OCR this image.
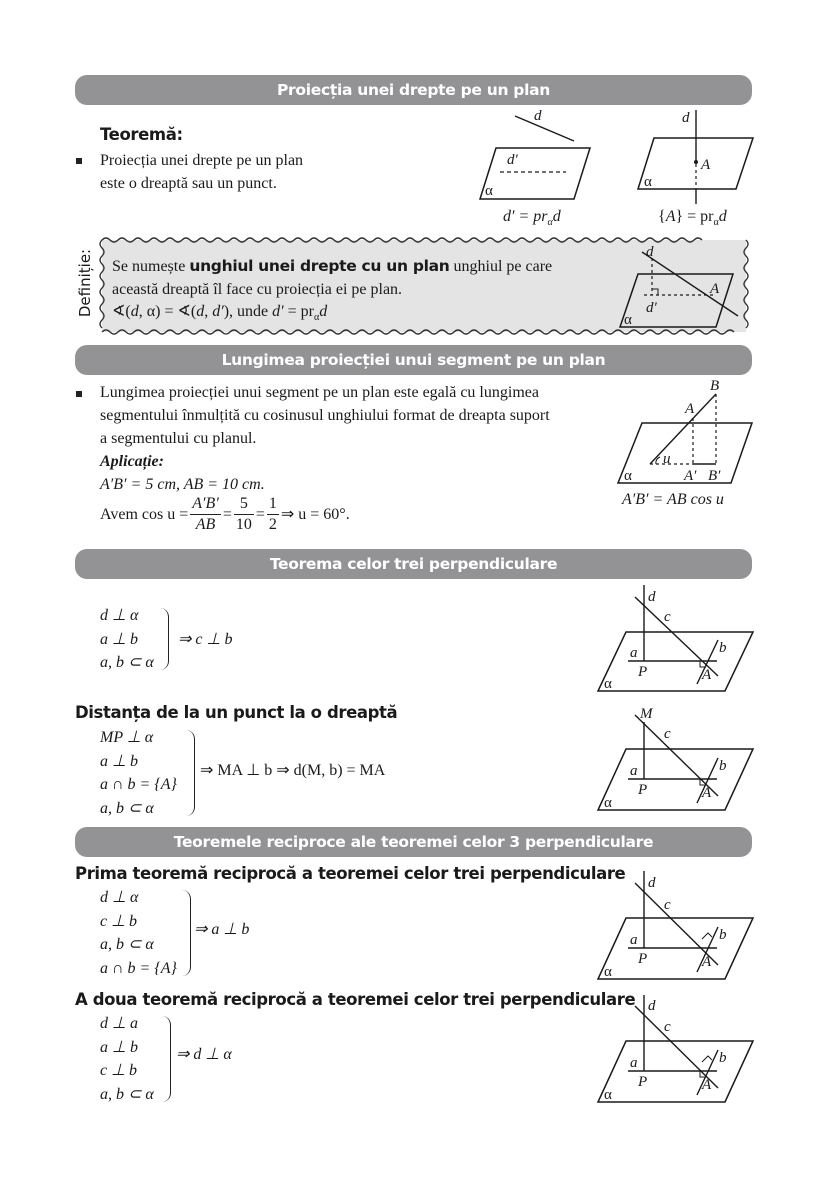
Proiecția unei drepte pe un plan
Teoremă:
Proiecția unei drepte pe un plan
este o dreaptă sau un punct.
d
d′
α
$d' = pr_\alpha d$
d
A
α
$\{A\} = pr_\alpha d$
Definiție:	d
A
d′
α
Se numește unghiul unei drepte cu un plan unghiul pe care
această dreaptă îl face cu proiecția ei pe plan.
∢(d, α) = ∢(d, d′), unde $d' = pr_\alpha d$
Lungimea proiecției unui segment pe un plan
Lungimea proiecției unui segment pe un plan este egală cu lungimea
segmentului înmulțită cu cosinusul unghiului format de dreapta suport
a segmentului cu planul.
Aplicație:
A′B′ = 5 cm, AB = 10 cm.
Avem $\cos u = \frac{A'B'}{AB} = \frac{5}{10} = \frac{1}{2}$ ⇒ u = 60°.
B
A
u
A′ B′
α
A′B′ = AB cos u
Teorema celor trei perpendiculare
d ⊥ α
a ⊥ b
a, b ⊂ α
⇒ c ⊥ b
d
c
b
a
P	A
α
Distanța de la un punct la o dreaptă
MP ⊥ α
a ⊥ b
a ∩ b = {A}
a, b ⊂ α
⇒ MA ⊥ b ⇒ d(M, b) = MA
M
c
b
a
P	A
α
Teoremele reciproce ale teoremei celor 3 perpendiculare
Prima teoremă reciprocă a teoremei celor trei perpendiculare
d ⊥ α
c ⊥ b
a, b ⊂ α
a ∩ b = {A}
⇒ a ⊥ b
d
c
b
a
P	A
α
A doua teoremă reciprocă a teoremei celor trei perpendiculare
d ⊥ a
a ⊥ b
c ⊥ b
a, b ⊂ α
⇒ d ⊥ α
d
c
b
a
P	A
α
